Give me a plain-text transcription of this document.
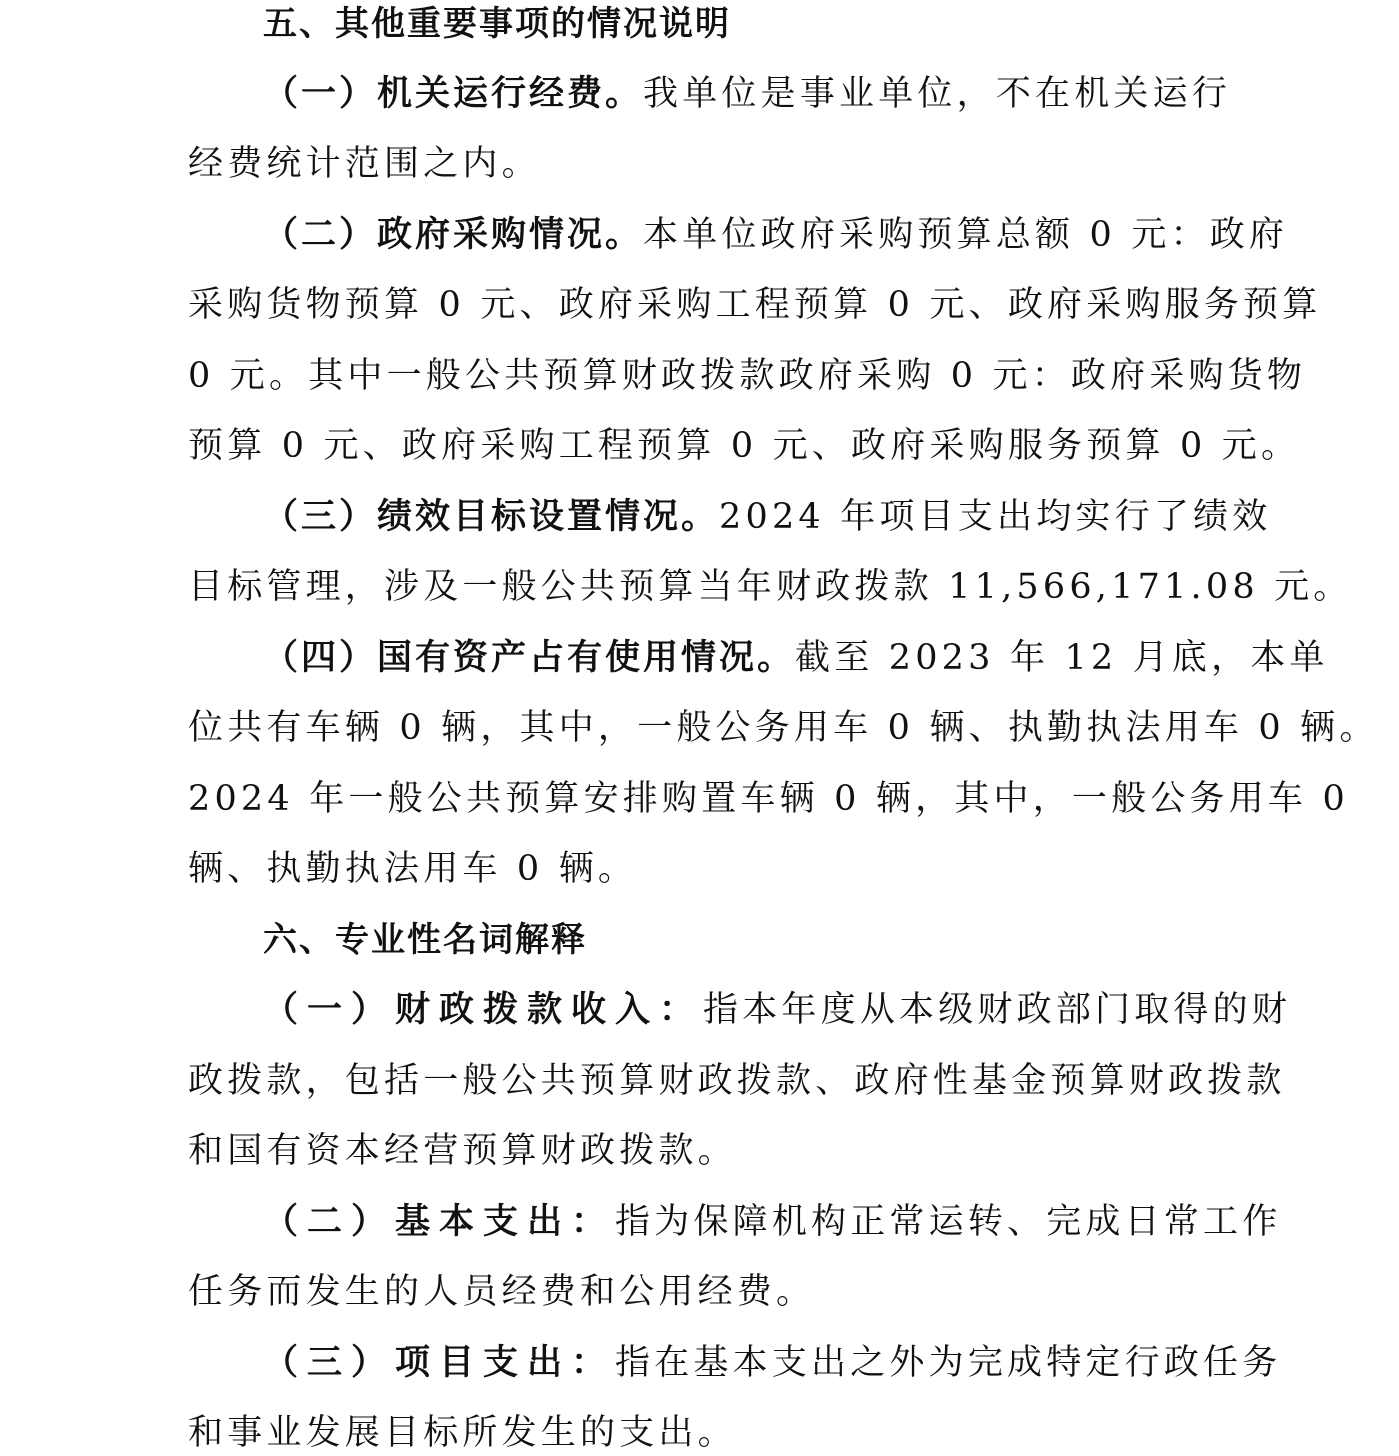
五、其他重要事项的情况说明
（一）机关运行经费。我单位是事业单位，不在机关运行
经费统计范围之内。
（二）政府采购情况。本单位政府采购预算总额 0 元：政府
采购货物预算 0 元、政府采购工程预算 0 元、政府采购服务预算
0 元。其中一般公共预算财政拨款政府采购 0 元：政府采购货物
预算 0 元、政府采购工程预算 0 元、政府采购服务预算 0 元。
（三）绩效目标设置情况。2024 年项目支出均实行了绩效
目标管理，涉及一般公共预算当年财政拨款 11,566,171.08 元。
（四）国有资产占有使用情况。截至 2023 年 12 月底，本单
位共有车辆 0 辆，其中，一般公务用车 0 辆、执勤执法用车 0 辆。
2024 年一般公共预算安排购置车辆 0 辆，其中，一般公务用车 0
辆、执勤执法用车 0 辆。
六、专业性名词解释
（一）财政拨款收入：指本年度从本级财政部门取得的财
政拨款，包括一般公共预算财政拨款、政府性基金预算财政拨款
和国有资本经营预算财政拨款。
（二）基本支出：指为保障机构正常运转、完成日常工作
任务而发生的人员经费和公用经费。
（三）项目支出：指在基本支出之外为完成特定行政任务
和事业发展目标所发生的支出。
